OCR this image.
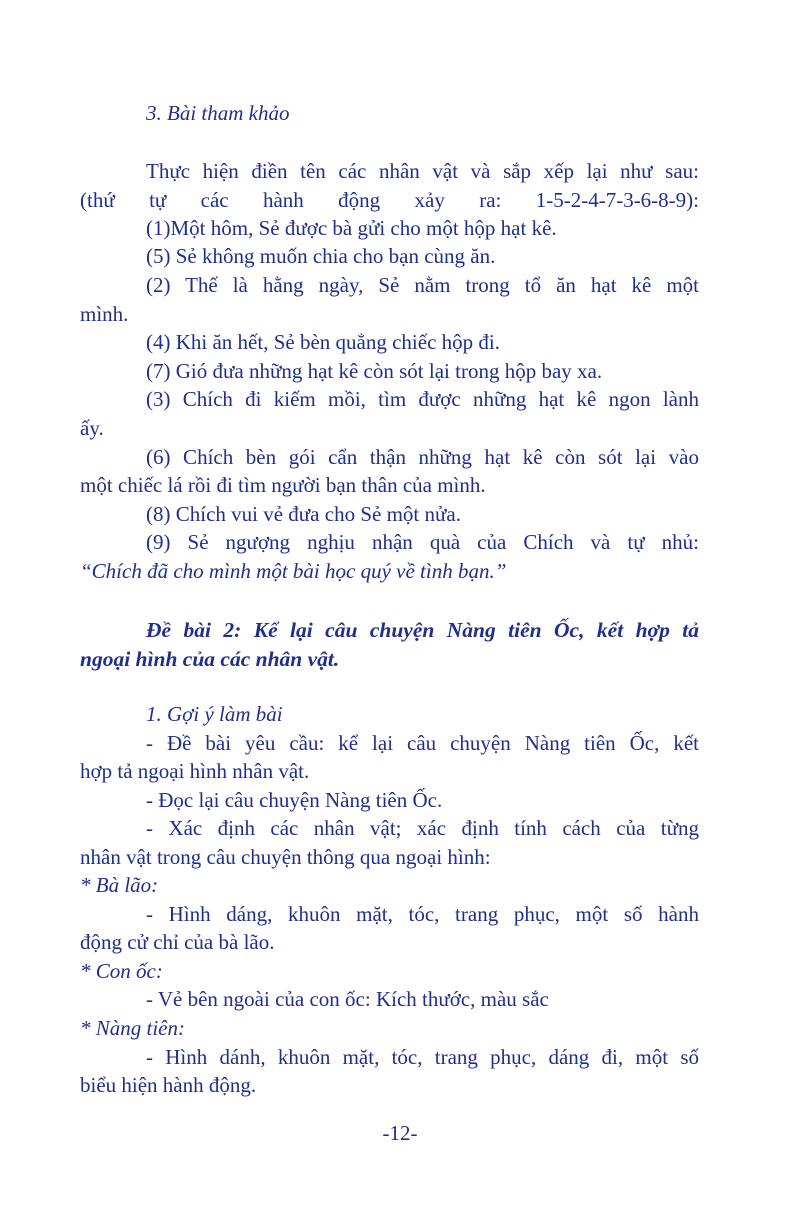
3. Bài tham khảo
Thực hiện điền tên các nhân vật và sắp xếp lại như sau:
(thứ tự các hành động xảy ra: 1-5-2-4-7-3-6-8-9):
(1)Một hôm, Sẻ được bà gửi cho một hộp hạt kê.
(5) Sẻ không muốn chia cho bạn cùng ăn.
(2) Thế là hằng ngày, Sẻ nằm trong tổ ăn hạt kê một
mình.
(4) Khi ăn hết, Sẻ bèn quẳng chiếc hộp đi.
(7) Gió đưa những hạt kê còn sót lại trong hộp bay xa.
(3) Chích đi kiếm mồi, tìm được những hạt kê ngon lành
ấy.
(6) Chích bèn gói cẩn thận những hạt kê còn sót lại vào
một chiếc lá rồi đi tìm người bạn thân của mình.
(8) Chích vui vẻ đưa cho Sẻ một nửa.
(9) Sẻ ngượng nghịu nhận quà của Chích và tự nhủ:
“Chích đã cho mình một bài học quý về tình bạn.”
Đề bài 2: Kể lại câu chuyện Nàng tiên Ốc, kết hợp tả
ngoại hình của các nhân vật.
1. Gợi ý làm bài
- Đề bài yêu cầu: kể lại câu chuyện Nàng tiên Ốc, kết
hợp tả ngoại hình nhân vật.
- Đọc lại câu chuyện Nàng tiên Ốc.
- Xác định các nhân vật; xác định tính cách của từng
nhân vật trong câu chuyện thông qua ngoại hình:
* Bà lão:
- Hình dáng, khuôn mặt, tóc, trang phục, một số hành
động cử chỉ của bà lão.
* Con ốc:
- Vẻ bên ngoài của con ốc: Kích thước, màu sắc
* Nàng tiên:
- Hình dánh, khuôn mặt, tóc, trang phục, dáng đi, một số
biểu hiện hành động.
-12-
